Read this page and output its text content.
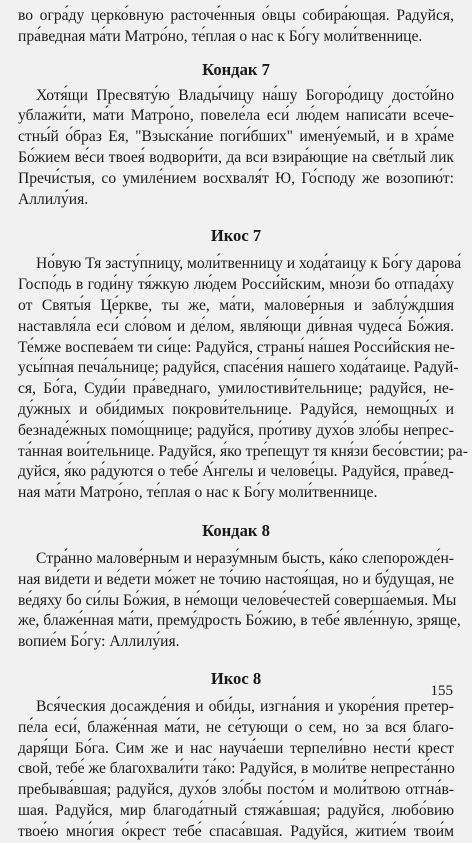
во огра́ду церко́вную расточе́нныя о́вцы собира́ющая. Радуйся,
пра́ведная ма́ти Матро́но, те́плая о нас к Бо́гу моли́твеннице.

Кондак 7

Хотя́щи Пресвяту́ю Влады́чицу на́шу Богоро́дицу досто́йно
ублажи́ти, ма́ти Матро́но, повеле́ла еси́ лю́дем написа́ти всече-
стны́й о́браз Ея, "Взыска́ние поги́бших" имену́емый, и в хра́ме
Бо́жием ве́си твоея́ водвори́ти, да вси взира́ющие на све́тлый лик
Пречи́стыя, со умиле́нием восхваля́т Ю, Го́споду же возопию́т:
Аллилу́ия.

Икос 7

Но́вую Тя засту́пницу, моли́твенницу и хода́таицу к Бо́гу дарова́
Госпо́дь в годи́ну тя́жкую лю́дем Росси́йским, мно́зи бо отпада́ху
от Святы́я Це́ркве, ты же, ма́ти, малове́рныя и заблу́ждшия
наставля́ла еси́ сло́вом и де́лом, явля́ющи ди́вная чудеса́ Бо́жия.
Те́мже воспева́ем ти си́це: Радуйся, страны́ на́шея Росси́йския не-
усы́пная печа́льнице; радуйся, спасе́ния на́шего хода́таице. Радуй-
ся, Бо́га, Суди́и пра́веднаго, умилостиви́тельнице; радуйся, не-
ду́жных и оби́димых покрови́тельнице. Радуйся, немощны́х и
безнаде́жных помо́щнице; радуйся, про́тиву духо́в зло́бы непрес-
та́нная вои́тельнице. Радуйся, я́ко тре́пещут тя кня́зи бесо́встии; ра-
дуйся, я́ко ра́дуются о тебе́ А́нгелы и челове́цы. Радуйся, пра́вед-
ная ма́ти Матро́но, те́плая о нас к Бо́гу моли́твеннице.

Кондак 8

Стра́нно малове́рным и неразу́мным бысть, ка́ко слепорожде́н-
ная ви́дети и ве́дети мо́жет не то́чию настоя́щая, но и бу́дущая, не
ве́дяху бо си́лы Бо́жия, в не́мощи челове́честей соверша́емыя. Мы
же, блаже́нная ма́ти, прему́дрость Бо́жию, в тебе́ явле́нную, зряще,
вопие́м Бо́гу: Аллилу́ия.

Икос 8

Вся́ческия досажде́ния и оби́ды, изгна́ния и укоре́ния претер-
пе́ла еси́, блаже́нная ма́ти, не се́тующи о сем, но за вся благо-
даря́щи Бо́га. Сим же и нас науча́еши терпели́вно нести́ крест
свой, тебе́ же благохвали́ти та́ко: Радуйся, в моли́тве непреста́нно
пребыва́вшая; радуйся, духо́в зло́бы посто́м и моли́твою отгна́в-
шая. Радуйся, мир благода́тный стяжа́вшая; радуйся, любо́вию
твое́ю мно́гия о́крест тебе́ спаса́вшая. Радуйся, житие́м твои́м

155
